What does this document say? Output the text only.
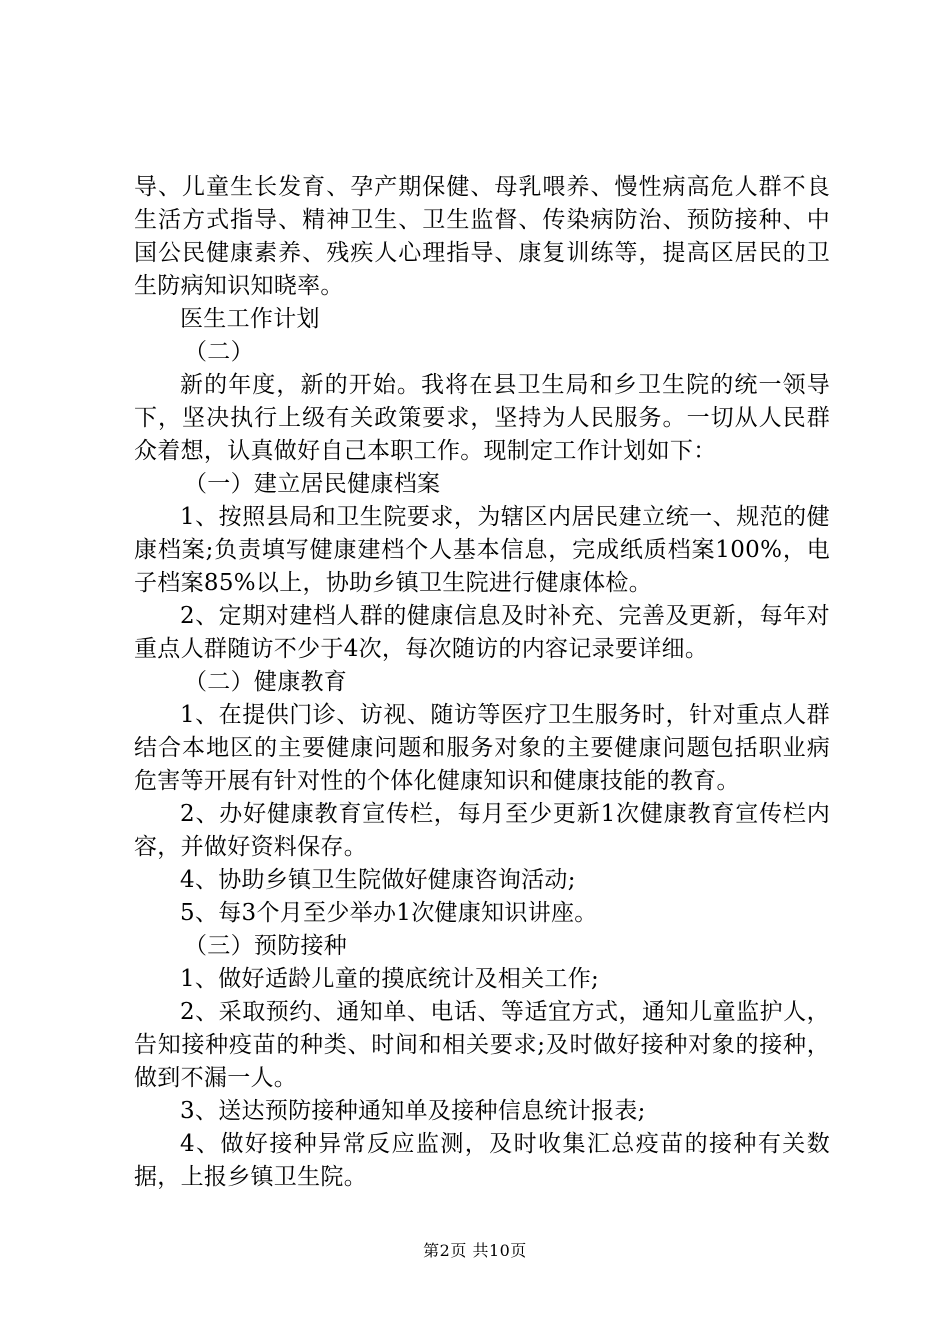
导、儿童生长发育、孕产期保健、母乳喂养、慢性病高危人群不良生活方式指导、精神卫生、卫生监督、传染病防治、预防接种、中国公民健康素养、残疾人心理指导、康复训练等，提高区居民的卫生防病知识知晓率。

医生工作计划

（二）

新的年度，新的开始。我将在县卫生局和乡卫生院的统一领导下，坚决执行上级有关政策要求，坚持为人民服务。一切从人民群众着想，认真做好自己本职工作。现制定工作计划如下：

（一）建立居民健康档案

1、按照县局和卫生院要求，为辖区内居民建立统一、规范的健康档案;负责填写健康建档个人基本信息，完成纸质档案100%，电子档案85%以上，协助乡镇卫生院进行健康体检。

2、定期对建档人群的健康信息及时补充、完善及更新，每年对重点人群随访不少于4次，每次随访的内容记录要详细。

（二）健康教育

1、在提供门诊、访视、随访等医疗卫生服务时，针对重点人群结合本地区的主要健康问题和服务对象的主要健康问题包括职业病危害等开展有针对性的个体化健康知识和健康技能的教育。

2、办好健康教育宣传栏，每月至少更新1次健康教育宣传栏内容，并做好资料保存。

4、协助乡镇卫生院做好健康咨询活动;

5、每3个月至少举办1次健康知识讲座。

（三）预防接种

1、做好适龄儿童的摸底统计及相关工作;

2、采取预约、通知单、电话、等适宜方式，通知儿童监护人，告知接种疫苗的种类、时间和相关要求;及时做好接种对象的接种，做到不漏一人。

3、送达预防接种通知单及接种信息统计报表;

4、做好接种异常反应监测，及时收集汇总疫苗的接种有关数据，上报乡镇卫生院。

第2页 共10页
